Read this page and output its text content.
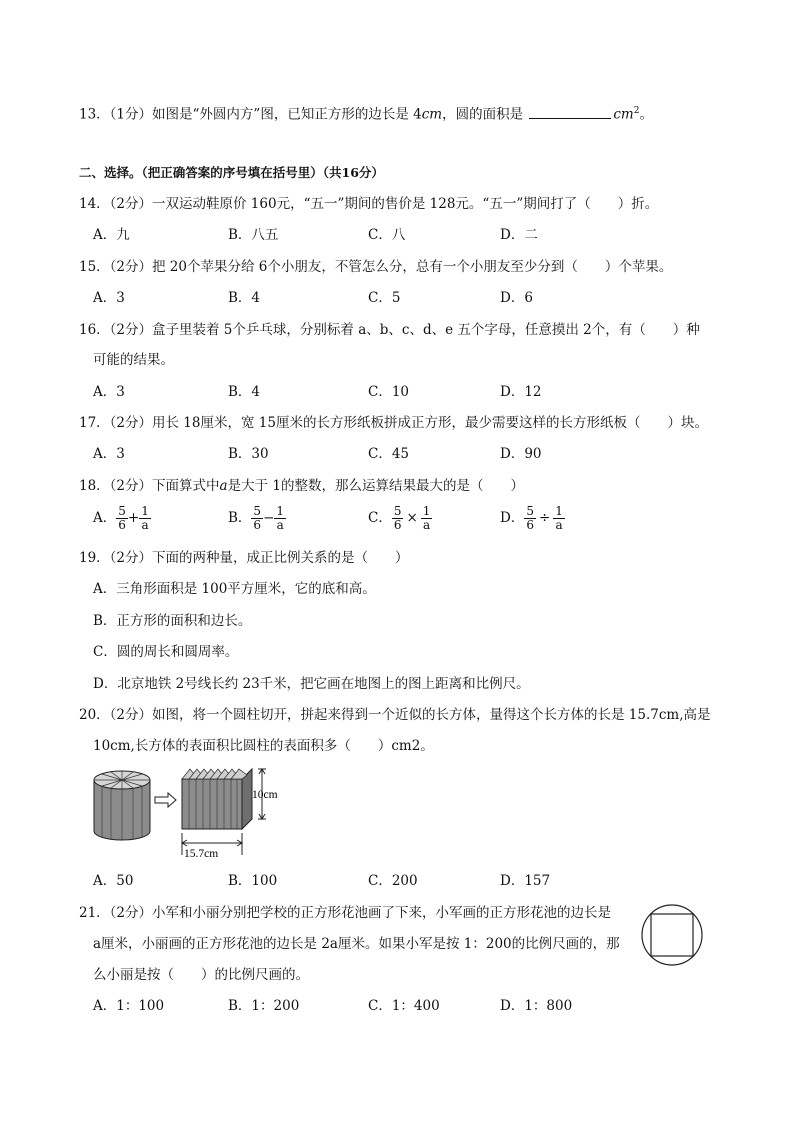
13．（1分）如图是“外圆内方”图，已知正方形的边长是 4cm，圆的面积是	$cm^2$。
二、选择。（把正确答案的序号填在括号里）（共16分）
14．（2分）一双运动鞋原价 160元，“五一”期间的售价是 128元。“五一”期间打了（　　）折。
A．九	B．八五	C．八	D．二
15．（2分）把 20个苹果分给 6个小朋友，不管怎么分，总有一个小朋友至少分到（　　）个苹果。
A．3	B．4	C．5	D．6
16．（2分）盒子里装着 5个乒乓球，分别标着 a、b、c、d、e 五个字母，任意摸出 2个，有（　　）种
可能的结果。
A．3	B．4	C．10	D．12
17．（2分）用长 18厘米，宽 15厘米的长方形纸板拼成正方形，最少需要这样的长方形纸板（　　）块。
A．3	B．30	C．45	D．90
18．（2分）下面算式中a是大于 1的整数，那么运算结果最大的是（　　）
A． $\frac{5}{6} + \frac{1}{a}$	B． $\frac{5}{6} - \frac{1}{a}$	C． $\frac{5}{6} \times \frac{1}{a}$	D． $\frac{5}{6} \div \frac{1}{a}$
19．（2分）下面的两种量，成正比例关系的是（　　）
A．三角形面积是 100平方厘米，它的底和高。
B．正方形的面积和边长。
C．圆的周长和圆周率。
D．北京地铁 2号线长约 23千米，把它画在地图上的图上距离和比例尺。
20．（2分）如图，将一个圆柱切开，拼起来得到一个近似的长方体，量得这个长方体的长是 15.7cm,高是
10cm,长方体的表面积比圆柱的表面积多（　　）cm2。
10cm
15.7cm
A．50	B．100	C．200	D．157
21．（2分）小军和小丽分别把学校的正方形花池画了下来，小军画的正方形花池的边长是
a厘米，小丽画的正方形花池的边长是 2a厘米。如果小军是按 1：200的比例尺画的，那
么小丽是按（　　）的比例尺画的。
A．1：100	B．1：200	C．1：400	D．1：800
